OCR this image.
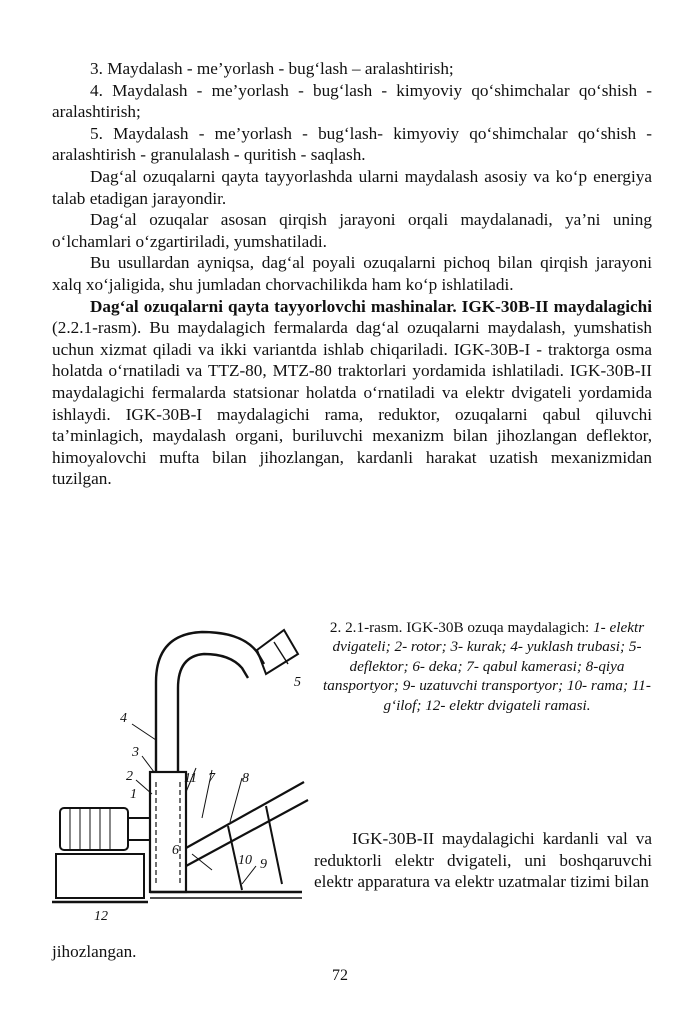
3. Maydalash - me’yorlash - bug‘lash – aralashtirish;

4. Maydalash - me’yorlash - bug‘lash - kimyoviy qo‘shimchalar qo‘shish - aralashtirish;

5. Maydalash - me’yorlash - bug‘lash- kimyoviy qo‘shimchalar qo‘shish - aralashtirish - granulalash - quritish - saqlash.

Dag‘al ozuqalarni qayta tayyorlashda ularni maydalash asosiy va ko‘p energiya talab etadigan jarayondir.

Dag‘al ozuqalar asosan qirqish jarayoni orqali maydalanadi, ya’ni uning o‘lchamlari o‘zgartiriladi, yumshatiladi.

Bu usullardan ayniqsa, dag‘al poyali ozuqalarni pichoq bilan qirqish jarayoni xalq xo‘jaligida, shu jumladan chorvachilikda ham ko‘p ishlatiladi.

Dag‘al ozuqalarni qayta tayyorlovchi mashinalar. IGK-30B-II maydalagichi (2.2.1-rasm). Bu maydalagich fermalarda dag‘al ozuqalarni maydalash, yumshatish uchun xizmat qiladi va ikki variantda ishlab chiqariladi. IGK-30B-I - traktorga osma holatda o‘rnatiladi va TTZ-80, MTZ-80 traktorlari yordamida ishlatiladi. IGK-30B-II maydalagichi fermalarda statsionar holatda o‘rnatiladi va elektr dvigateli yordamida ishlaydi. IGK-30B-I maydalagichi rama, reduktor, ozuqalarni qabul qiluvchi ta’minlagich, maydalash organi, buriluvchi mexanizm bilan jihozlangan deflektor, himoyalovchi mufta bilan jihozlangan, kardanli harakat uzatish mexanizmidan tuzilgan.

5
4
3
2
1
11 7 8
6
10 9
12

2. 2.1-rasm. IGK-30B ozuqa maydalagich: 1- elektr dvigateli; 2- rotor; 3- kurak; 4- yuklash trubasi; 5- deflektor; 6- deka; 7- qabul kamerasi; 8-qiya tansportyor; 9- uzatuvchi transportyor; 10- rama; 11-g‘ilof; 12- elektr dvigateli ramasi.

IGK-30B-II maydalagichi kardanli val va reduktorli elektr dvigateli, uni boshqaruvchi elektr apparatura va elektr uzatmalar tizimi bilan

jihozlangan.

72
